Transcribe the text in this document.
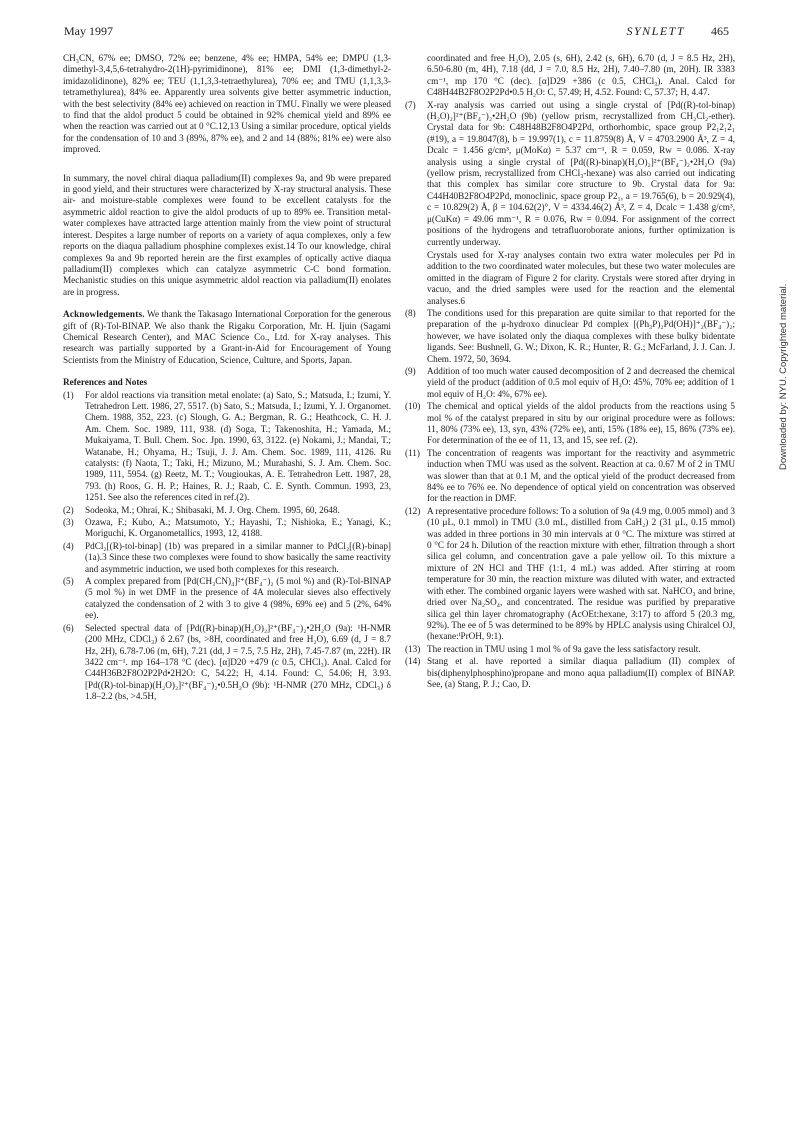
May 1997	SYNLETT 465

CH₃CN, 67% ee; DMSO, 72% ee; benzene, 4% ee; HMPA, 54% ee; DMPU (1,3-dimethyl-3,4,5,6-tetrahydro-2(1H)-pyrimidinone), 81% ee; DMI (1,3-dimethyl-2-imidazolidinone), 82% ee; TEU (1,1,3,3-tetraethylurea), 70% ee; and TMU (1,1,3,3-tetramethylurea), 84% ee. Apparently urea solvents give better asymmetric induction, with the best selectivity (84% ee) achieved on reaction in TMU. Finally we were pleased to find that the aldol product 5 could be obtained in 92% chemical yield and 89% ee when the reaction was carried out at 0 °C.12,13 Using a similar procedure, optical yields for the condensation of 10 and 3 (89%, 87% ee), and 2 and 14 (88%; 81% ee) were also improved.

In summary, the novel chiral diaqua palladium(II) complexes 9a, and 9b were prepared in good yield, and their structures were characterized by X-ray structural analysis. These air- and moisture-stable complexes were found to be excellent catalysts for the asymmetric aldol reaction to give the aldol products of up to 89% ee. Transition metal-water complexes have attracted large attention mainly from the view point of structural interest. Despites a large number of reports on a variety of aqua complexes, only a few reports on the diaqua palladium phosphine complexes exist.14 To our knowledge, chiral complexes 9a and 9b reported herein are the first examples of optically active diaqua palladium(II) complexes which can catalyze asymmetric C-C bond formation. Mechanistic studies on this unique asymmetric aldol reaction via palladium(II) enolates are in progress.

Acknowledgements. We thank the Takasago International Corporation for the generous gift of (R)-Tol-BINAP. We also thank the Rigaku Corporation, Mr. H. Ijuin (Sagami Chemical Research Center), and MAC Science Co., Ltd. for X-ray analyses. This research was partially supported by a Grant-in-Aid for Encouragement of Young Scientists from the Ministry of Education, Science, Culture, and Sports, Japan.

References and Notes
(1)	For aldol reactions via transition metal enolate: (a) Sato, S.; Matsuda, I.; Izumi, Y. Tetrahedron Lett. 1986, 27, 5517. (b) Sato, S.; Matsuda, I.; Izumi, Y. J. Organomet. Chem. 1988, 352, 223. (c) Slough, G. A.; Bergman, R. G.; Heathcock, C. H. J. Am. Chem. Soc. 1989, 111, 938. (d) Soga, T.; Takenoshita, H.; Yamada, M.; Mukaiyama, T. Bull. Chem. Soc. Jpn. 1990, 63, 3122. (e) Nokami, J.; Mandai, T.; Watanabe, H.; Ohyama, H.; Tsuji, J. J. Am. Chem. Soc. 1989, 111, 4126. Ru catalysts: (f) Naota, T.; Taki, H.; Mizuno, M.; Murahashi, S. J. Am. Chem. Soc. 1989, 111, 5954. (g) Reetz, M. T.; Vougioukas, A. E. Tetrahedron Lett. 1987, 28, 793. (h) Roos, G. H. P.; Haines, R. J.; Raab, C. E. Synth. Commun. 1993, 23, 1251. See also the references cited in ref.(2).
(2)	Sodeoka, M.; Ohrai, K.; Shibasaki, M. J. Org. Chem. 1995, 60, 2648.
(3)	Ozawa, F.; Kubo, A.; Matsumoto, Y.; Hayashi, T.; Nishioka, E.; Yanagi, K.; Moriguchi, K. Organometallics, 1993, 12, 4188.
(4)	PdCl₂[(R)-tol-binap] (1b) was prepared in a similar manner to PdCl₂[(R)-binap] (1a).3 Since these two complexes were found to show basically the same reactivity and asymmetric induction, we used both complexes for this research.
(5)	A complex prepared from [Pd(CH₃CN)₄]²⁺(BF₄⁻)₂ (5 mol %) and (R)-Tol-BINAP (5 mol %) in wet DMF in the presence of 4A molecular sieves also effectively catalyzed the condensation of 2 with 3 to give 4 (98%, 69% ee) and 5 (2%, 64% ee).
(6)	Selected spectral data of [Pd((R)-binap)(H₂O)₂]²⁺(BF₄⁻)₂•2H₂O (9a): ¹H-NMR (200 MHz, CDCl₃) δ 2.67 (bs, >8H, coordinated and free H₂O), 6.69 (d, J = 8.7 Hz, 2H), 6.78-7.06 (m, 6H), 7.21 (dd, J = 7.5, 7.5 Hz, 2H), 7.45-7.87 (m, 22H). IR 3422 cm⁻¹. mp 164–178 °C (dec). [α]D20 +479 (c 0.5, CHCl₃). Anal. Calcd for C44H36B2F8O2P2Pd•2H2O: C, 54.22; H, 4.14. Found: C, 54.06; H, 3.93. [Pd((R)-tol-binap)(H₂O)₂]²⁺(BF₄⁻)₂•0.5H₂O (9b): ¹H-NMR (270 MHz, CDCl₃) δ 1.8–2.2 (bs, >4.5H,
coordinated and free H₂O), 2.05 (s, 6H), 2.42 (s, 6H), 6.70 (d, J = 8.5 Hz, 2H), 6.50-6.80 (m, 4H), 7.18 (dd, J = 7.0, 8.5 Hz, 2H), 7.40–7.80 (m, 20H). IR 3383 cm⁻¹, mp 170 °C (dec). [α]D29 +386 (c 0.5, CHCl₃). Anal. Calcd for C48H44B2F8O2P2Pd•0.5 H₂O: C, 57.49; H, 4.52. Found: C, 57.37; H, 4.47.
(7)	X-ray analysis was carried out using a single crystal of [Pd((R)-tol-binap)(H₂O)₂]²⁺(BF₄⁻)₂•2H₂O (9b) (yellow prism, recrystallized from CH₂Cl₂-ether). Crystal data for 9b: C48H48B2F8O4P2Pd, orthorhombic, space group P2₁2₁2₁ (#19), a = 19.8047(8), b = 19.997(1), c = 11.8759(8) Å, V = 4703.2900 Å³, Z = 4, Dcalc = 1.456 g/cm³, μ(MoKα) = 5.37 cm⁻¹, R = 0.059, Rw = 0.086. X-ray analysis using a single crystal of [Pd((R)-binap)(H₂O)₂]²⁺(BF₄⁻)₂•2H₂O (9a) (yellow prism, recrystallized from CHCl₃-hexane) was also carried out indicating that this complex has similar core structure to 9b. Crystal data for 9a: C44H40B2F8O4P2Pd, monoclinic, space group P2₁, a = 19.765(6), b = 20.929(4), c = 10.829(2) Å, β = 104.62(2)°, V = 4334.46(2) Å³, Z = 4, Dcalc = 1.438 g/cm³, μ(CuKα) = 49.06 mm⁻¹, R = 0.076, Rw = 0.094. For assignment of the correct positions of the hydrogens and tetrafluoroborate anions, further optimization is currently underway.

Crystals used for X-ray analyses contain two extra water molecules per Pd in addition to the two coordinated water molecules, but these two water molecules are omitted in the diagram of Figure 2 for clarity. Crystals were stored after drying in vacuo, and the dried samples were used for the reaction and the elemental analyses.6

(8)	The conditions used for this preparation are quite similar to that reported for the preparation of the μ-hydroxo dinuclear Pd complex [(Ph₃P)₂Pd(OH)]⁺₂(BF₄⁻)₂; however, we have isolated only the diaqua complexes with these bulky bidentate ligands. See: Bushnell, G. W.; Dixon, K. R.; Hunter, R. G.; McFarland, J. J. Can. J. Chem. 1972, 50, 3694.
(9)	Addition of too much water caused decomposition of 2 and decreased the chemical yield of the product (addition of 0.5 mol equiv of H₂O: 45%, 70% ee; addition of 1 mol equiv of H₂O: 4%, 67% ee).
(10) The chemical and optical yields of the aldol products from the reactions using 5 mol % of the catalyst prepared in situ by our original procedure were as follows: 11, 80% (73% ee), 13, syn, 43% (72% ee), anti, 15% (18% ee), 15, 86% (73% ee). For determination of the ee of 11, 13, and 15, see ref. (2).
(11) The concentration of reagents was important for the reactivity and asymmetric induction when TMU was used as the solvent. Reaction at ca. 0.67 M of 2 in TMU was slower than that at 0.1 M, and the optical yield of the product decreased from 84% ee to 76% ee. No dependence of optical yield on concentration was observed for the reaction in DMF.
(12) A representative procedure follows: To a solution of 9a (4.9 mg, 0.005 mmol) and 3 (10 μL, 0.1 mmol) in TMU (3.0 mL, distilled from CaH₂) 2 (31 μL, 0.15 mmol) was added in three portions in 30 min intervals at 0 °C. The mixture was stirred at 0 °C for 24 h. Dilution of the reaction mixture with ether, filtration through a short silica gel column, and concentration gave a pale yellow oil. To this mixture a mixture of 2N HCl and THF (1:1, 4 mL) was added. After stirring at room temperature for 30 min, the reaction mixture was diluted with water, and extracted with ether. The combined organic layers were washed with sat. NaHCO₃ and brine, dried over Na₂SO₄, and concentrated. The residue was purified by preparative silica gel thin layer chromatography (AcOEt:hexane, 3:17) to afford 5 (20.3 mg, 92%). The ee of 5 was determined to be 89% by HPLC analysis using Chiralcel OJ, (hexane:ⁱPrOH, 9:1).
(13) The reaction in TMU using 1 mol % of 9a gave the less satisfactory result.
(14) Stang et al. have reported a similar diaqua palladium (II) complex of bis(diphenylphosphino)propane and mono aqua palladium(II) complex of BINAP. See, (a) Stang, P. J.; Cao, D.
Downloaded by: NYU. Copyrighted material.
